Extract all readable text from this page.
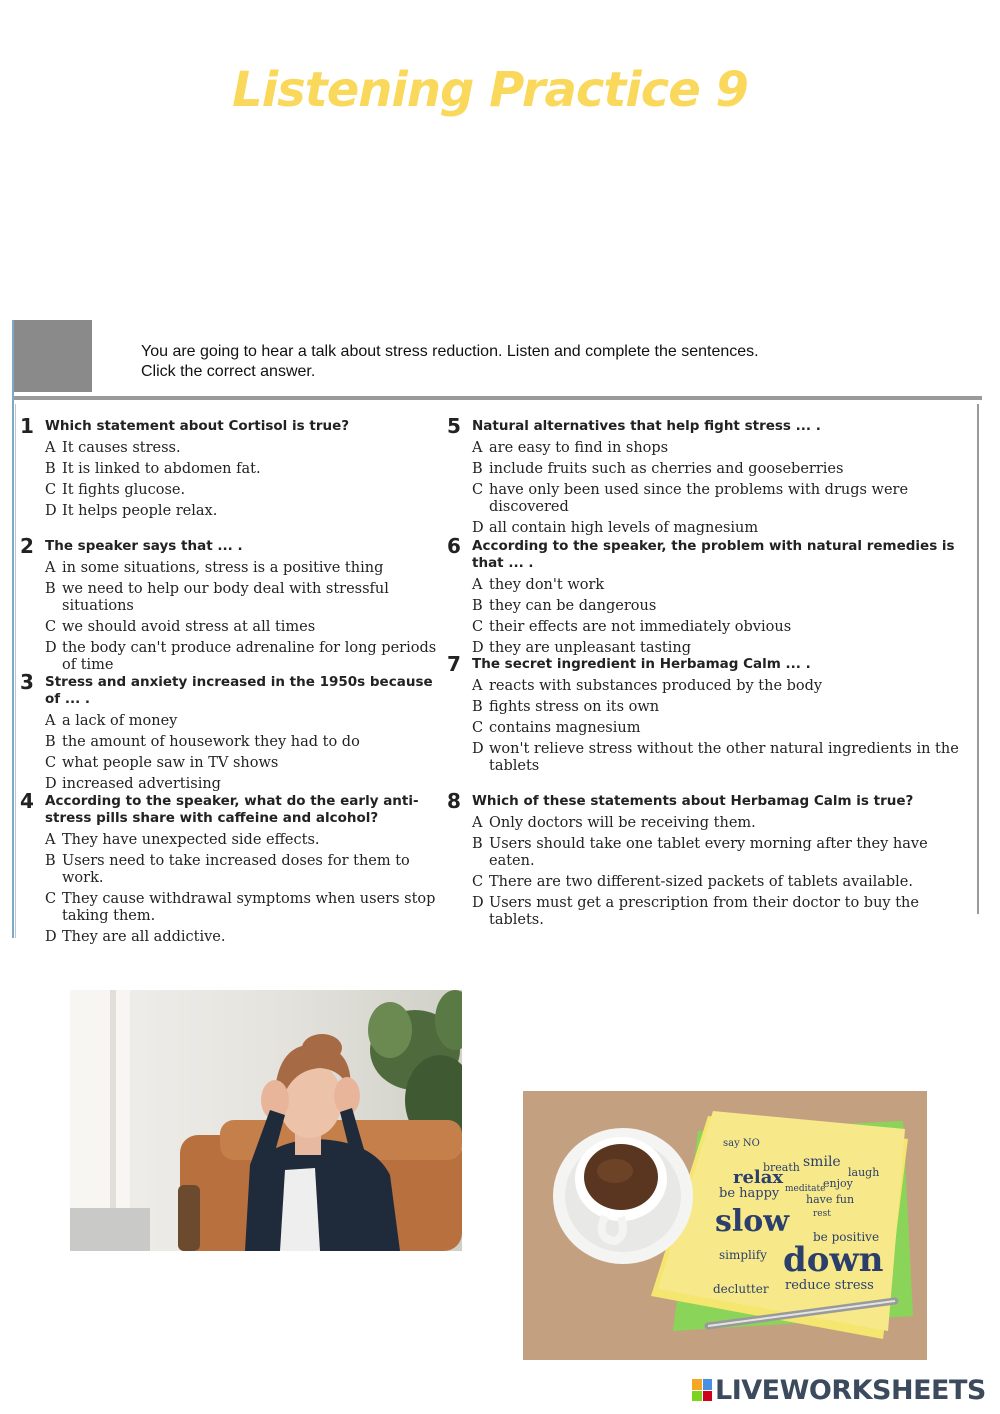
Listening Practice 9
You are going to hear a talk about stress reduction. Listen and complete the sentences.
Click the correct answer.
1 Which statement about Cortisol is true?
A It causes stress.
B It is linked to abdomen fat.
C It fights glucose.
D It helps people relax.
2 The speaker says that ... .
A in some situations, stress is a positive thing
B we need to help our body deal with stressful situations
C we should avoid stress at all times
D the body can't produce adrenaline for long periods of time
3 Stress and anxiety increased in the 1950s because of ... .
A a lack of money
B the amount of housework they had to do
C what people saw in TV shows
D increased advertising
4 According to the speaker, what do the early anti-stress pills share with caffeine and alcohol?
A They have unexpected side effects.
B Users need to take increased doses for them to work.
C They cause withdrawal symptoms when users stop taking them.
D They are all addictive.
5 Natural alternatives that help fight stress ... .
A are easy to find in shops
B include fruits such as cherries and gooseberries
C have only been used since the problems with drugs were discovered
D all contain high levels of magnesium
6 According to the speaker, the problem with natural remedies is that ... .
A they don't work
B they can be dangerous
C their effects are not immediately obvious
D they are unpleasant tasting
7 The secret ingredient in Herbamag Calm ... .
A reacts with substances produced by the body
B fights stress on its own
C contains magnesium
D won't relieve stress without the other natural ingredients in the tablets
8 Which of these statements about Herbamag Calm is true?
A Only doctors will be receiving them.
B Users should take one tablet every morning after they have eaten.
C There are two different-sized packets of tablets available.
D Users must get a prescription from their doctor to buy the tablets.
say NO
smile
breath
relax	enjoy
be happy have fun
meditate
laugh
rest
slow
down
be positive
simplify
reduce stress
declutter
LIVEWORKSHEETS
